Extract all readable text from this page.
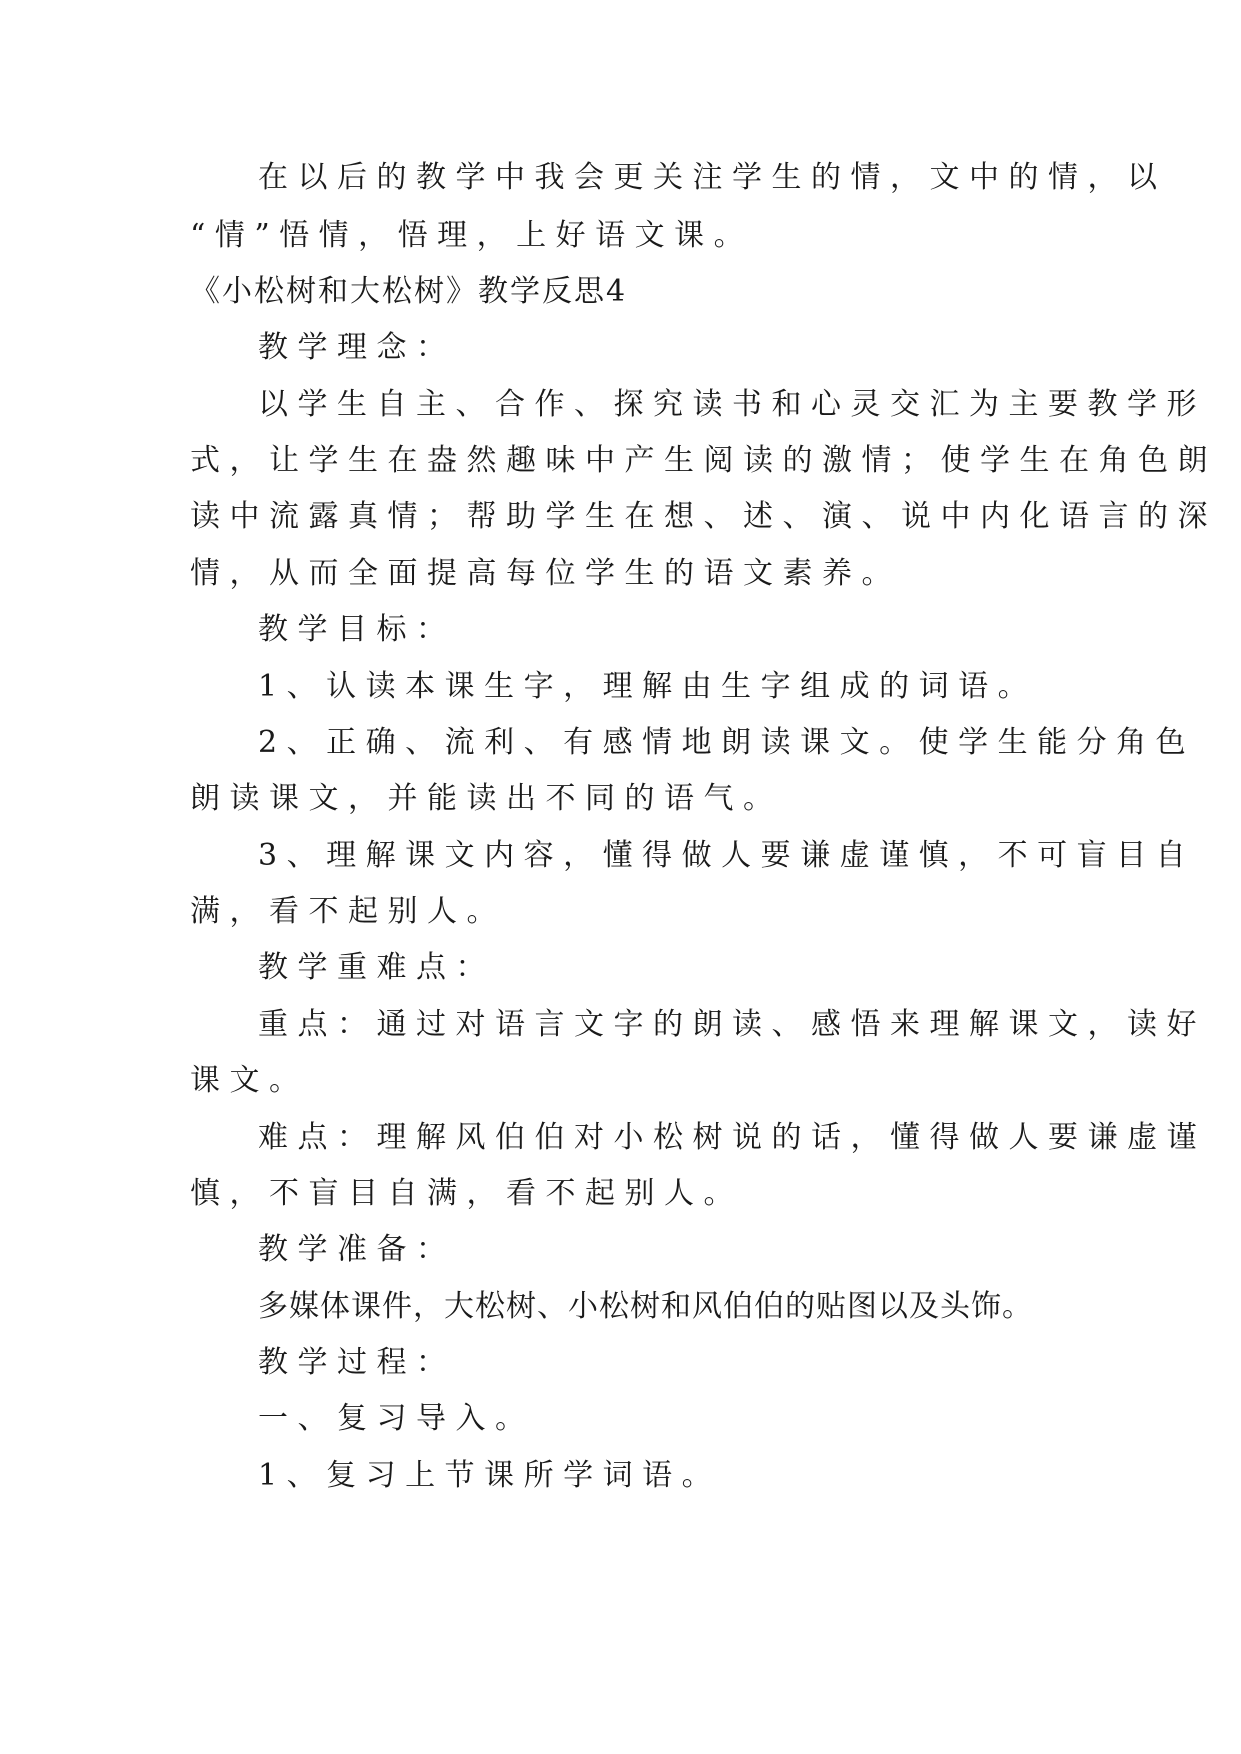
在以后的教学中我会更关注学生的情，文中的情，以
“情”悟情，悟理，上好语文课。
《小松树和大松树》教学反思4
教学理念：
以学生自主、合作、探究读书和心灵交汇为主要教学形
式，让学生在盎然趣味中产生阅读的激情；使学生在角色朗
读中流露真情；帮助学生在想、述、演、说中内化语言的深
情，从而全面提高每位学生的语文素养。
教学目标：
1、认读本课生字，理解由生字组成的词语。
2、正确、流利、有感情地朗读课文。使学生能分角色
朗读课文，并能读出不同的语气。
3、理解课文内容，懂得做人要谦虚谨慎，不可盲目自
满，看不起别人。
教学重难点：
重点：通过对语言文字的朗读、感悟来理解课文，读好
课文。
难点：理解风伯伯对小松树说的话，懂得做人要谦虚谨
慎，不盲目自满，看不起别人。
教学准备：
多媒体课件，大松树、小松树和风伯伯的贴图以及头饰。
教学过程：
一、复习导入。
1、复习上节课所学词语。
